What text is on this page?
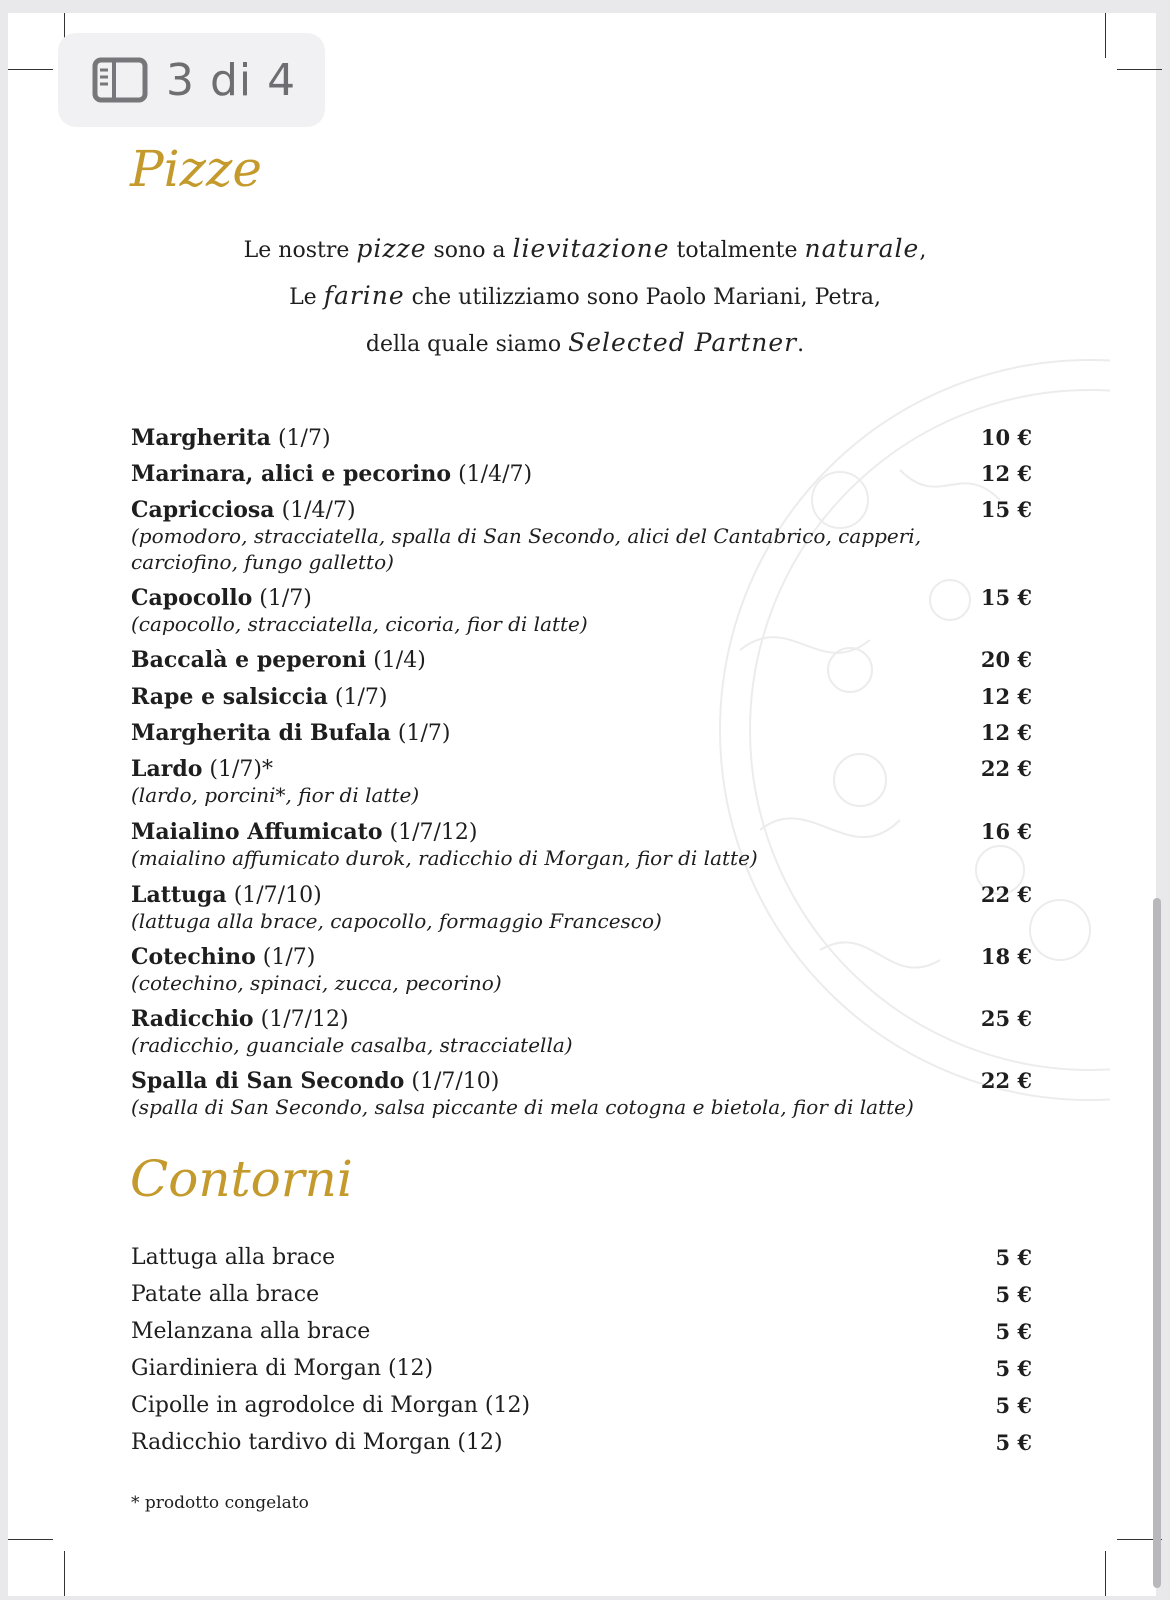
3 di 4
Pizze
Le nostre pizze sono a lievitazione totalmente naturale,
Le farine che utilizziamo sono Paolo Mariani, Petra,
della quale siamo Selected Partner.
Margherita (1/7)	10 €
Marinara, alici e pecorino (1/4/7)	12 €
Capricciosa (1/4/7)	15 €
(pomodoro, stracciatella, spalla di San Secondo, alici del Cantabrico, capperi, carciofino, fungo galletto)
Capocollo (1/7)	15 €
(capocollo, stracciatella, cicoria, fior di latte)
Baccalà e peperoni (1/4)	20 €
Rape e salsiccia (1/7)	12 €
Margherita di Bufala (1/7)	12 €
Lardo (1/7)*	22 €
(lardo, porcini*, fior di latte)
Maialino Affumicato (1/7/12)	16 €
(maialino affumicato durok, radicchio di Morgan, fior di latte)
Lattuga (1/7/10)	22 €
(lattuga alla brace, capocollo, formaggio Francesco)
Cotechino (1/7)	18 €
(cotechino, spinaci, zucca, pecorino)
Radicchio (1/7/12)	25 €
(radicchio, guanciale casalba, stracciatella)
Spalla di San Secondo (1/7/10)	22 €
(spalla di San Secondo, salsa piccante di mela cotogna e bietola, fior di latte)
Contorni
Lattuga alla brace	5 €
Patate alla brace	5 €
Melanzana alla brace	5 €
Giardiniera di Morgan (12)	5 €
Cipolle in agrodolce di Morgan (12)	5 €
Radicchio tardivo di Morgan (12)	5 €
* prodotto congelato
